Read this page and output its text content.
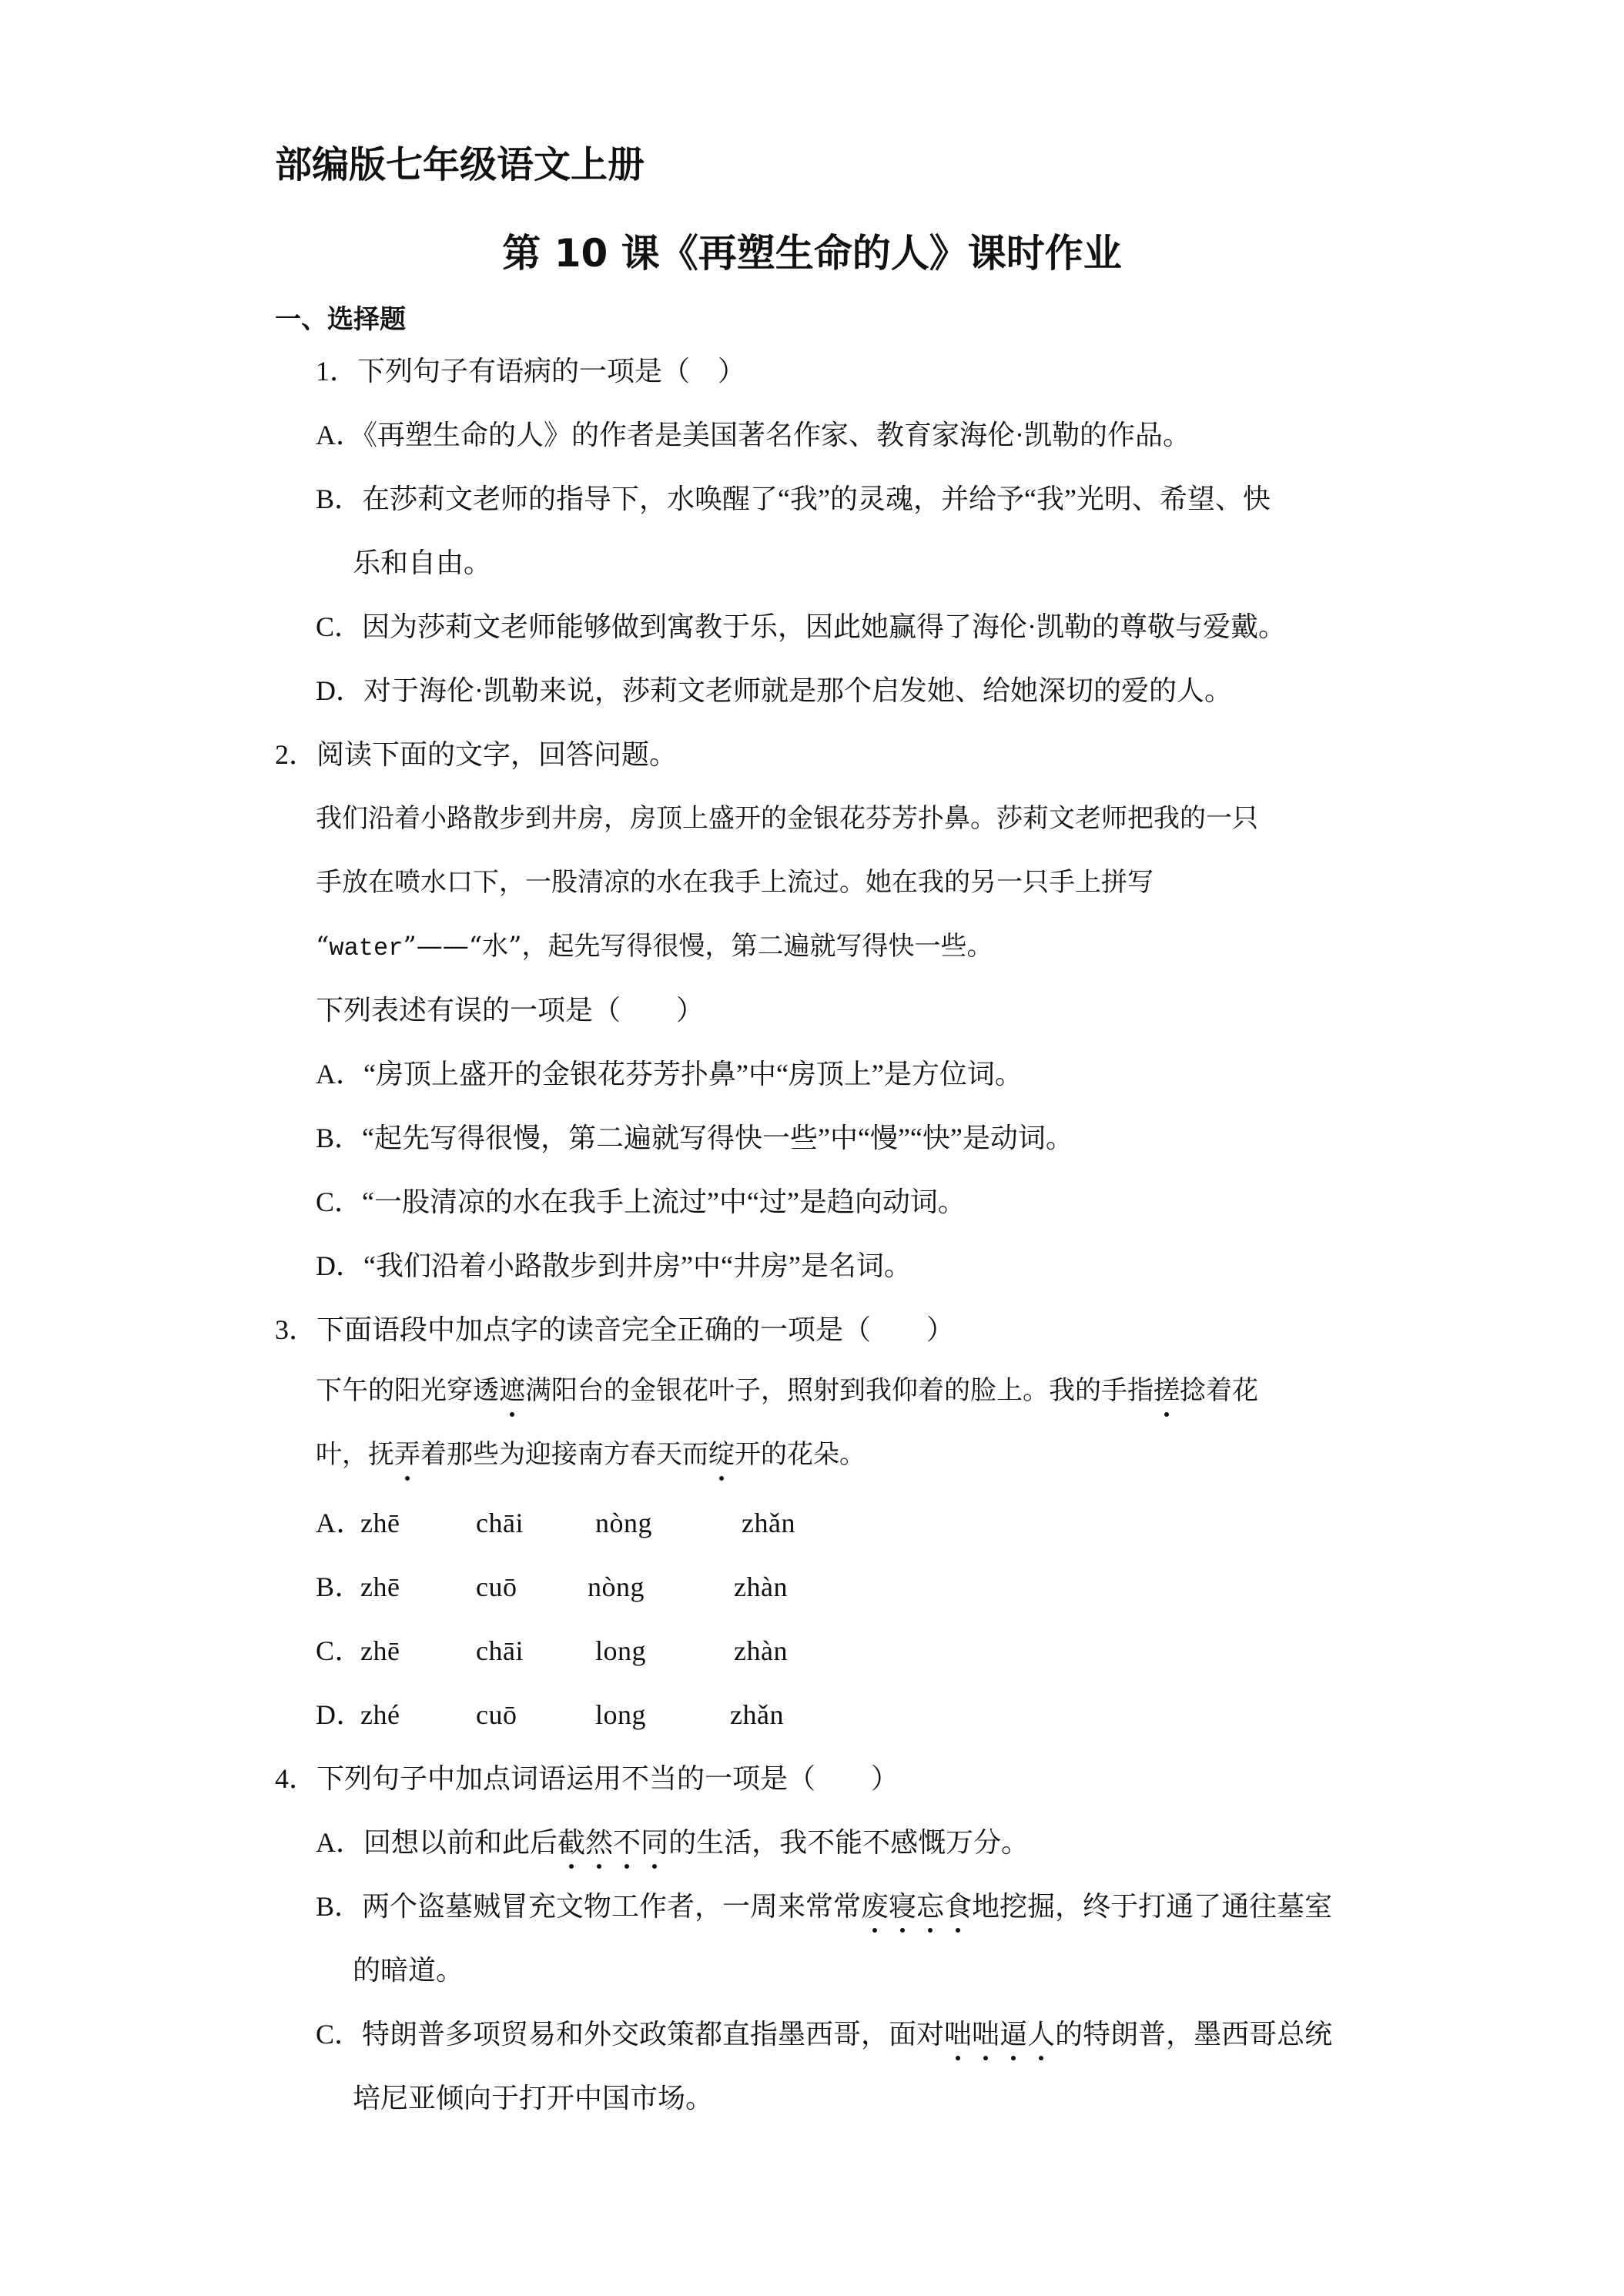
部编版七年级语文上册
第 10 课《再塑生命的人》课时作业
一、选择题
1．下列句子有语病的一项是（　）
A．《再塑生命的人》的作者是美国著名作家、教育家海伦·凯勒的作品。
B．在莎莉文老师的指导下，水唤醒了“我”的灵魂，并给予“我”光明、希望、快
乐和自由。
C．因为莎莉文老师能够做到寓教于乐，因此她赢得了海伦·凯勒的尊敬与爱戴。
D．对于海伦·凯勒来说，莎莉文老师就是那个启发她、给她深切的爱的人。
2．阅读下面的文字，回答问题。
我们沿着小路散步到井房，房顶上盛开的金银花芬芳扑鼻。莎莉文老师把我的一只
手放在喷水口下，一股清凉的水在我手上流过。她在我的另一只手上拼写
“water”——“水”，起先写得很慢，第二遍就写得快一些。
下列表述有误的一项是（　　）
A．“房顶上盛开的金银花芬芳扑鼻”中“房顶上”是方位词。
B．“起先写得很慢，第二遍就写得快一些”中“慢”“快”是动词。
C．“一股清凉的水在我手上流过”中“过”是趋向动词。
D．“我们沿着小路散步到井房”中“井房”是名词。
3．下面语段中加点字的读音完全正确的一项是（　　）
下午的阳光穿透遮满阳台的金银花叶子，照射到我仰着的脸上。我的手指搓捻着花
叶，抚弄着那些为迎接南方春天而绽开的花朵。
A．
zhē	chāi	nòng	zhǎn
B．
zhē	cuō	nòng	zhàn
C．
zhē	chāi	long	zhàn
D．
zhé	cuō	long	zhǎn
4．下列句子中加点词语运用不当的一项是（　　）
A．回想以前和此后截然不同的生活，我不能不感慨万分。
B．两个盗墓贼冒充文物工作者，一周来常常废寝忘食地挖掘，终于打通了通往墓室
的暗道。
C．特朗普多项贸易和外交政策都直指墨西哥，面对咄咄逼人的特朗普，墨西哥总统
培尼亚倾向于打开中国市场。
